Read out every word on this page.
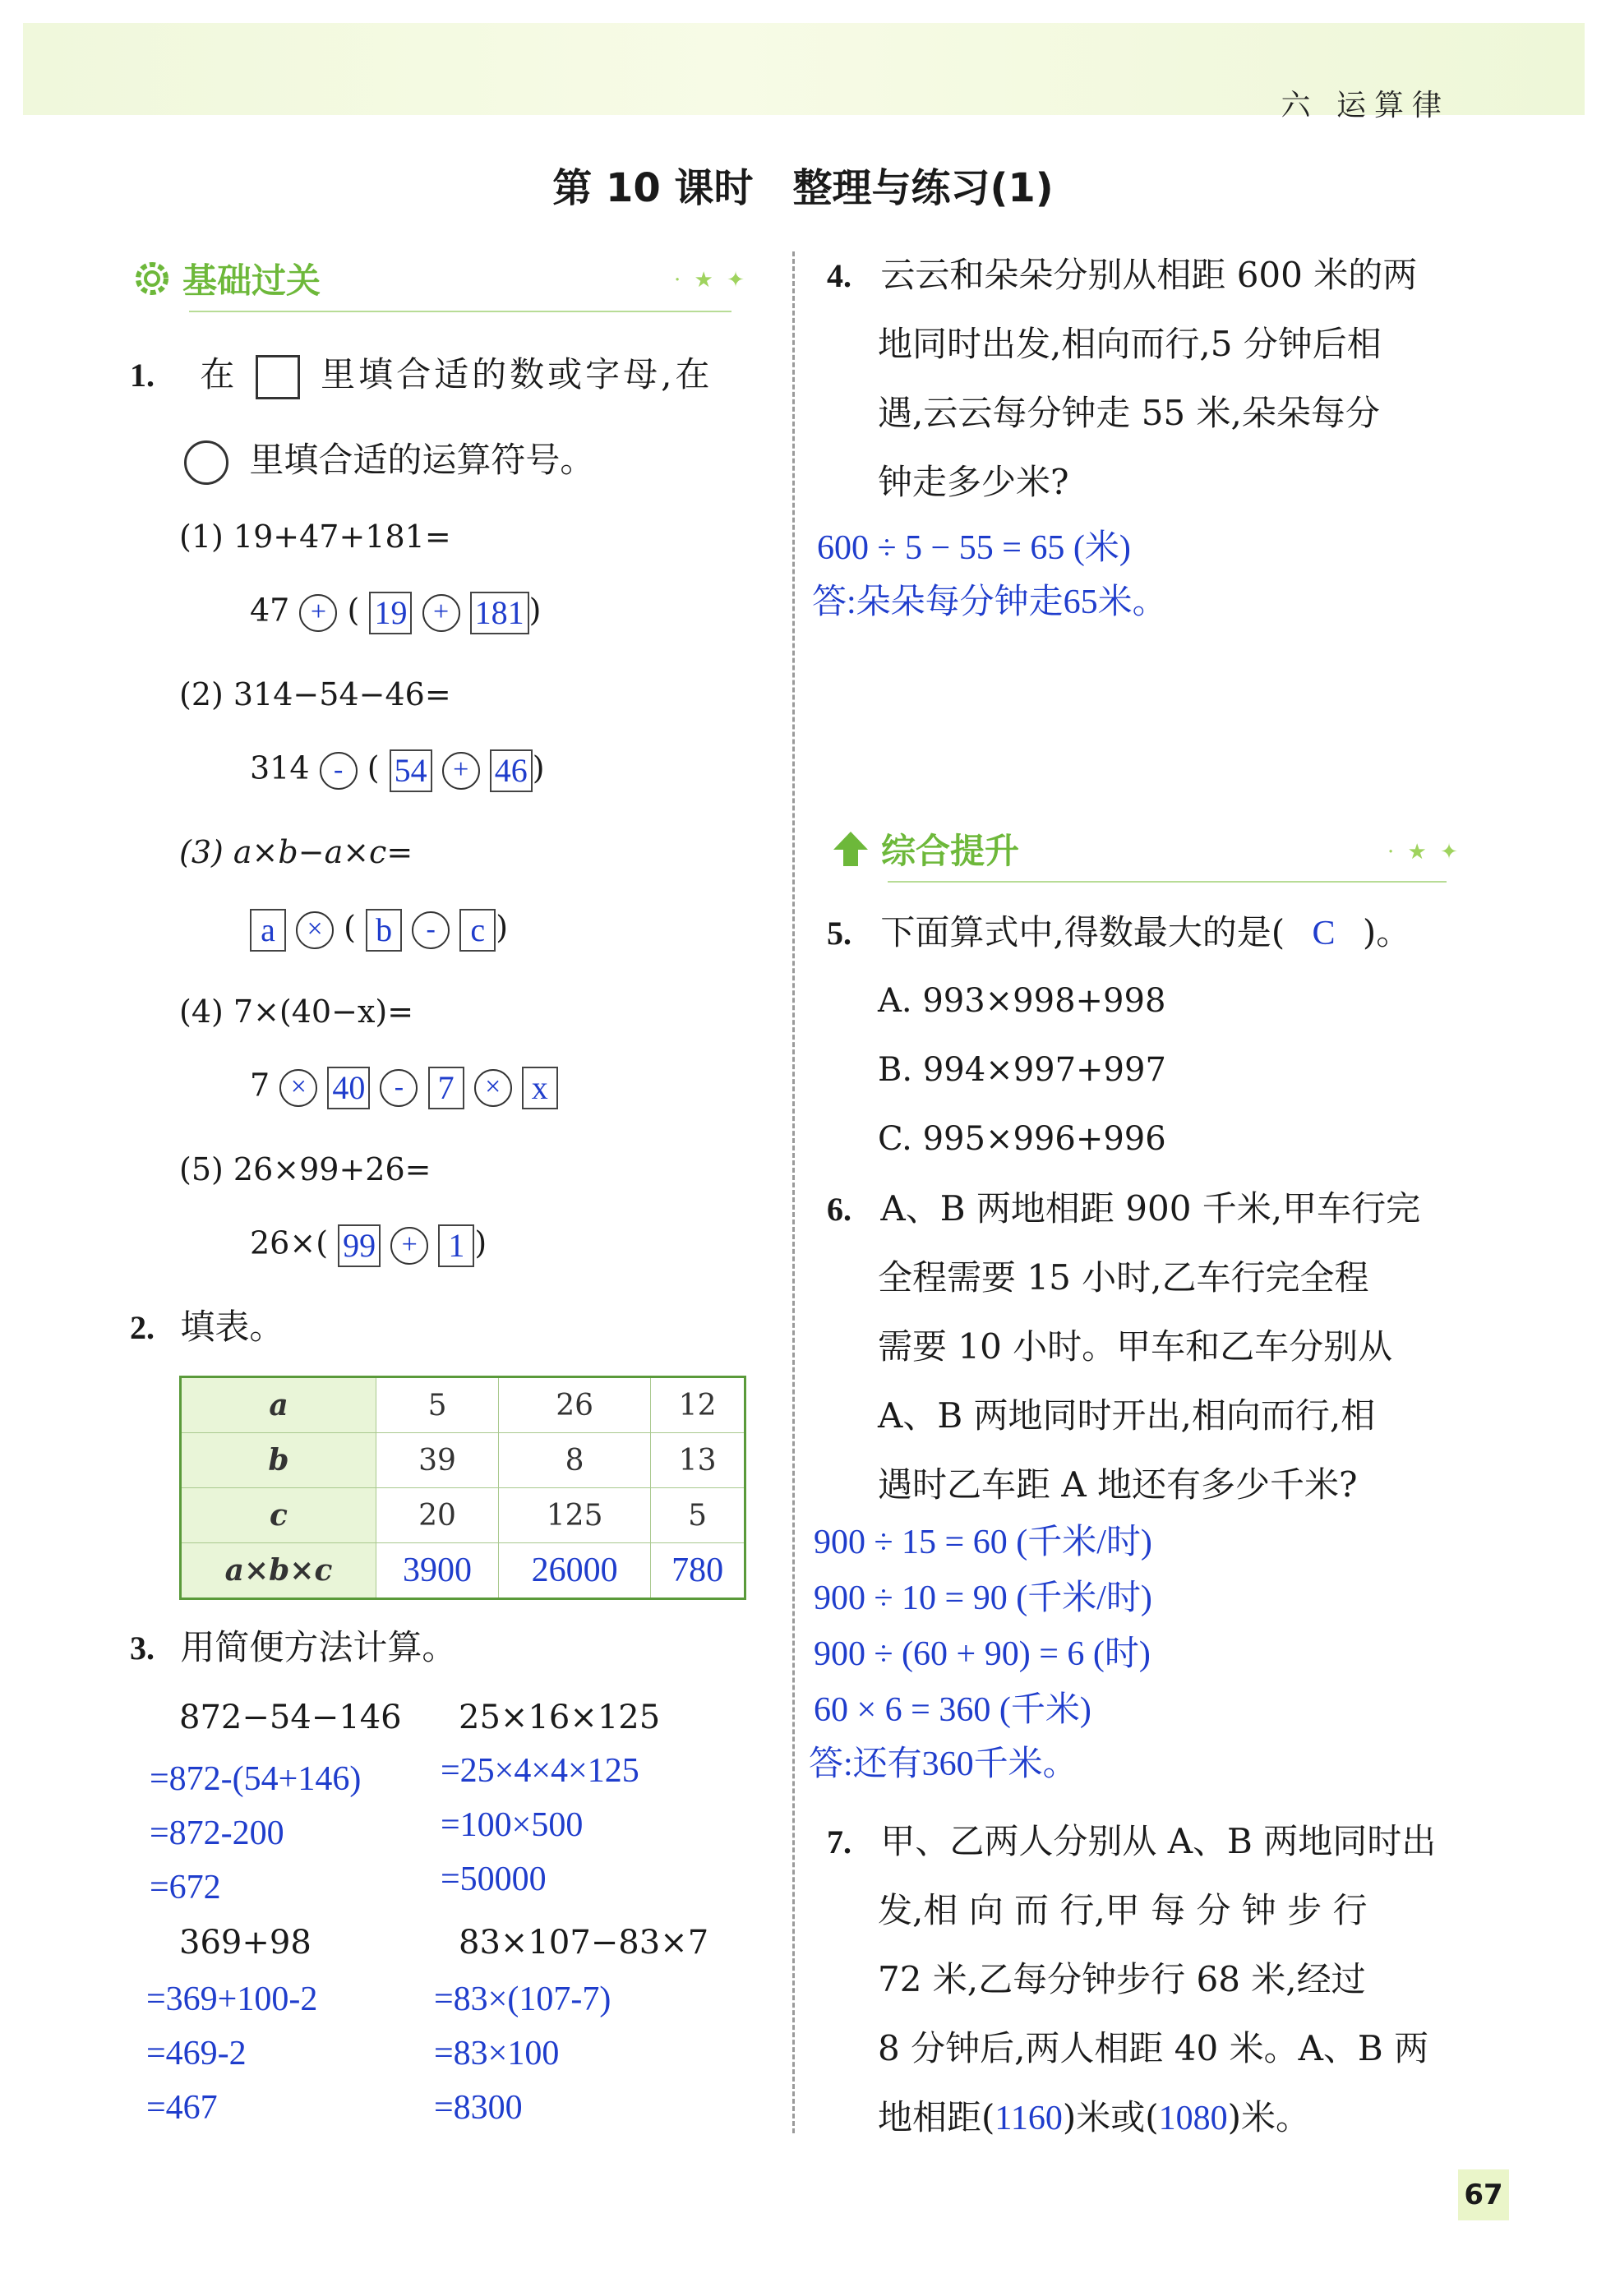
六 运算律
第 10 课时　整理与练习(1)
基础过关	· ★ ✦
1. 在 里填合适的数或字母,在
里填合适的运算符号。
(1) 19+47+181=
47 + ( 19 + 181 )
(2) 314−54−46=
314 - ( 54 + 46 )
(3) a×b−a×c=
a × ( b - c )
(4) 7×(40−x)=
7 × 40 - 7 × x
(5) 26×99+26=
26×( 99 + 1 )
2. 填表。
a	5	26	12
b	39	8	13
c	20	125	5
a×b×c	3900	26000	780
3. 用简便方法计算。
872−54−146 25×16×125
=872-(54+146)
=872-200
=672
=25×4×4×125
=100×500
=50000
369+98	83×107−83×7
=369+100-2
=469-2
=467
=83×(107-7)
=83×100
=8300
4. 云云和朵朵分别从相距 600 米的两
地同时出发,相向而行,5 分钟后相
遇,云云每分钟走 55 米,朵朵每分
钟走多少米?
600 ÷ 5 − 55 = 65 (米)
答:朵朵每分钟走65米。
综合提升	· ★ ✦
5. 下面算式中,得数最大的是( C )。
A. 993×998+998
B. 994×997+997
C. 995×996+996
6. A、B 两地相距 900 千米,甲车行完
全程需要 15 小时,乙车行完全程
需要 10 小时。甲车和乙车分别从
A、B 两地同时开出,相向而行,相
遇时乙车距 A 地还有多少千米?
900 ÷ 15 = 60 (千米/时)
900 ÷ 10 = 90 (千米/时)
900 ÷ (60 + 90) = 6 (时)
60 × 6 = 360 (千米)
答:还有360千米。
7. 甲、乙两人分别从 A、B 两地同时出
发,相 向 而 行,甲 每 分 钟 步 行
72 米,乙每分钟步行 68 米,经过
8 分钟后,两人相距 40 米。A、B 两
地相距(1160)米或(1080)米。
67
